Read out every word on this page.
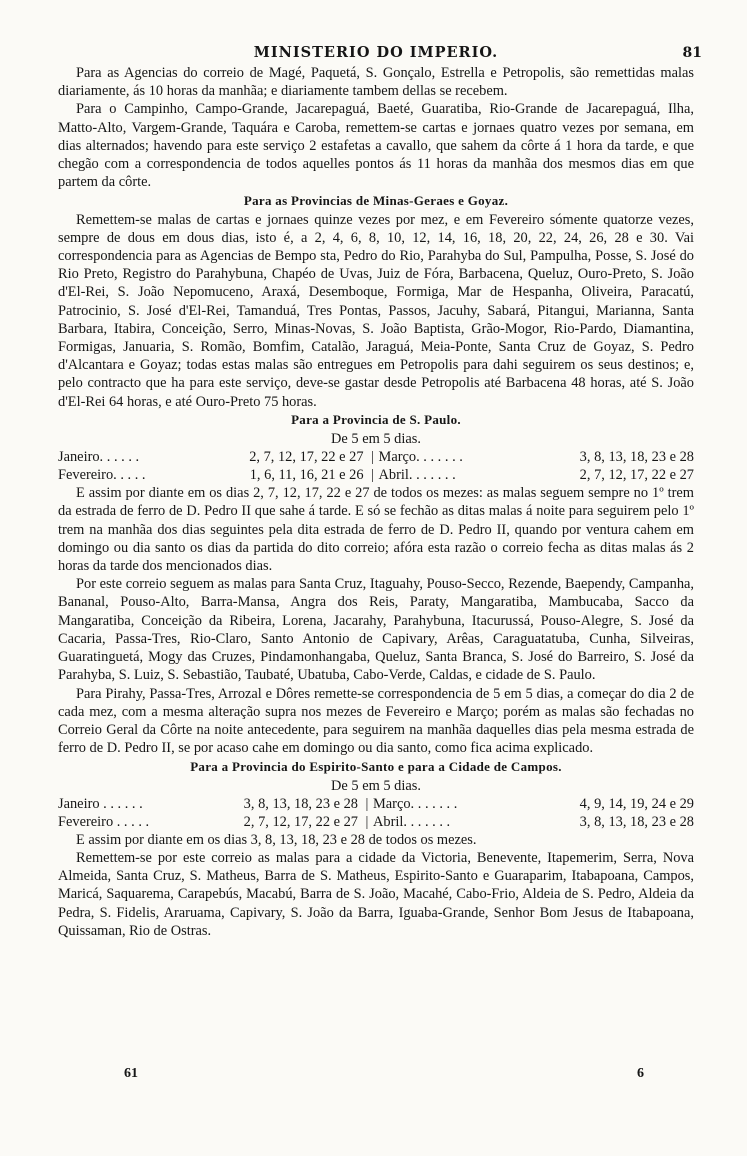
MINISTERIO DO IMPERIO.	81

Para as Agencias do correio de Magé, Paquetá, S. Gonçalo, Estrella e Petropolis, são remettidas malas diariamente, ás 10 horas da manhãa; e diariamente tambem dellas se recebem.

Para o Campinho, Campo-Grande, Jacarepaguá, Baeté, Guaratiba, Rio-Grande de Jacarepaguá, Ilha, Matto-Alto, Vargem-Grande, Taquára e Caroba, remettem-se cartas e jornaes quatro vezes por semana, em dias alternados; havendo para este serviço 2 estafetas a cavallo, que sahem da côrte á 1 hora da tarde, e que chegão com a correspondencia de todos aquelles pontos ás 11 horas da manhãa dos mesmos dias em que partem da côrte.

Para as Provincias de Minas-Geraes e Goyaz.

Remettem-se malas de cartas e jornaes quinze vezes por mez, e em Fevereiro sómente quatorze vezes, sempre de dous em dous dias, isto é, a 2, 4, 6, 8, 10, 12, 14, 16, 18, 20, 22, 24, 26, 28 e 30. Vai correspondencia para as Agencias de Bempo sta, Pedro do Rio, Parahyba do Sul, Pampulha, Posse, S. José do Rio Preto, Registro do Parahybuna, Chapéo de Uvas, Juiz de Fóra, Barbacena, Queluz, Ouro-Preto, S. João d'El-Rei, S. João Nepomuceno, Araxá, Desemboque, Formiga, Mar de Hespanha, Oliveira, Paracatú, Patrocinio, S. José d'El-Rei, Tamanduá, Tres Pontas, Passos, Jacuhy, Sabará, Pitangui, Marianna, Santa Barbara, Itabira, Conceição, Serro, Minas-Novas, S. João Baptista, Grão-Mogor, Rio-Pardo, Diamantina, Formigas, Januaria, S. Romão, Bomfim, Catalão, Jaraguá, Meia-Ponte, Santa Cruz de Goyaz, S. Pedro d'Alcantara e Goyaz; todas estas malas são entregues em Petropolis para dahi seguirem os seus destinos; e, pelo contracto que ha para este serviço, deve-se gastar desde Petropolis até Barbacena 48 horas, até S. João d'El-Rei 64 horas, e até Ouro-Preto 75 horas.

Para a Provincia de S. Paulo.
De 5 em 5 dias.
Janeiro. . . . . .	2, 7, 12, 17, 22 e 27	|	Março. . . . . . .	3, 8, 13, 18, 23 e 28
Fevereiro. . . . .	1, 6, 11, 16, 21 e 26	|	Abril. . . . . . .	2, 7, 12, 17, 22 e 27

E assim por diante em os dias 2, 7, 12, 17, 22 e 27 de todos os mezes: as malas seguem sempre no 1º trem da estrada de ferro de D. Pedro II que sahe á tarde. E só se fechão as ditas malas á noite para seguirem pelo 1º trem na manhãa dos dias seguintes pela dita estrada de ferro de D. Pedro II, quando por ventura cahem em domingo ou dia santo os dias da partida do dito correio; afóra esta razão o correio fecha as ditas malas ás 2 horas da tarde dos mencionados dias.

Por este correio seguem as malas para Santa Cruz, Itaguahy, Pouso-Secco, Rezende, Baependy, Campanha, Bananal, Pouso-Alto, Barra-Mansa, Angra dos Reis, Paraty, Mangaratiba, Mambucaba, Sacco da Mangaratiba, Conceição da Ribeira, Lorena, Jacarahy, Parahybuna, Itacurussá, Pouso-Alegre, S. José da Cacaria, Passa-Tres, Rio-Claro, Santo Antonio de Capivary, Arêas, Caraguatatuba, Cunha, Silveiras, Guaratinguetá, Mogy das Cruzes, Pindamonhangaba, Queluz, Santa Branca, S. José do Barreiro, S. José da Parahyba, S. Luiz, S. Sebastião, Taubaté, Ubatuba, Cabo-Verde, Caldas, e cidade de S. Paulo.

Para Pirahy, Passa-Tres, Arrozal e Dôres remette-se correspondencia de 5 em 5 dias, a começar do dia 2 de cada mez, com a mesma alteração supra nos mezes de Fevereiro e Março; porém as malas são fechadas no Correio Geral da Côrte na noite antecedente, para seguirem na manhãa daquelles dias pela mesma estrada de ferro de D. Pedro II, se por acaso cahe em domingo ou dia santo, como fica acima explicado.

Para a Provincia do Espirito-Santo e para a Cidade de Campos.
De 5 em 5 dias.
Janeiro . . . . . .	3, 8, 13, 18, 23 e 28	|	Março. . . . . . .	4, 9, 14, 19, 24 e 29
Fevereiro . . . . .	2, 7, 12, 17, 22 e 27	|	Abril. . . . . . .	3, 8, 13, 18, 23 e 28

E assim por diante em os dias 3, 8, 13, 18, 23 e 28 de todos os mezes.

Remettem-se por este correio as malas para a cidade da Victoria, Benevente, Itapemerim, Serra, Nova Almeida, Santa Cruz, S. Matheus, Barra de S. Matheus, Espirito-Santo e Guaraparim, Itabapoana, Campos, Maricá, Saquarema, Carapebús, Macabú, Barra de S. João, Macahé, Cabo-Frio, Aldeia de S. Pedro, Aldeia da Pedra, S. Fidelis, Araruama, Capivary, S. João da Barra, Iguaba-Grande, Senhor Bom Jesus de Itabapoana, Quissaman, Rio de Ostras.

61	6
